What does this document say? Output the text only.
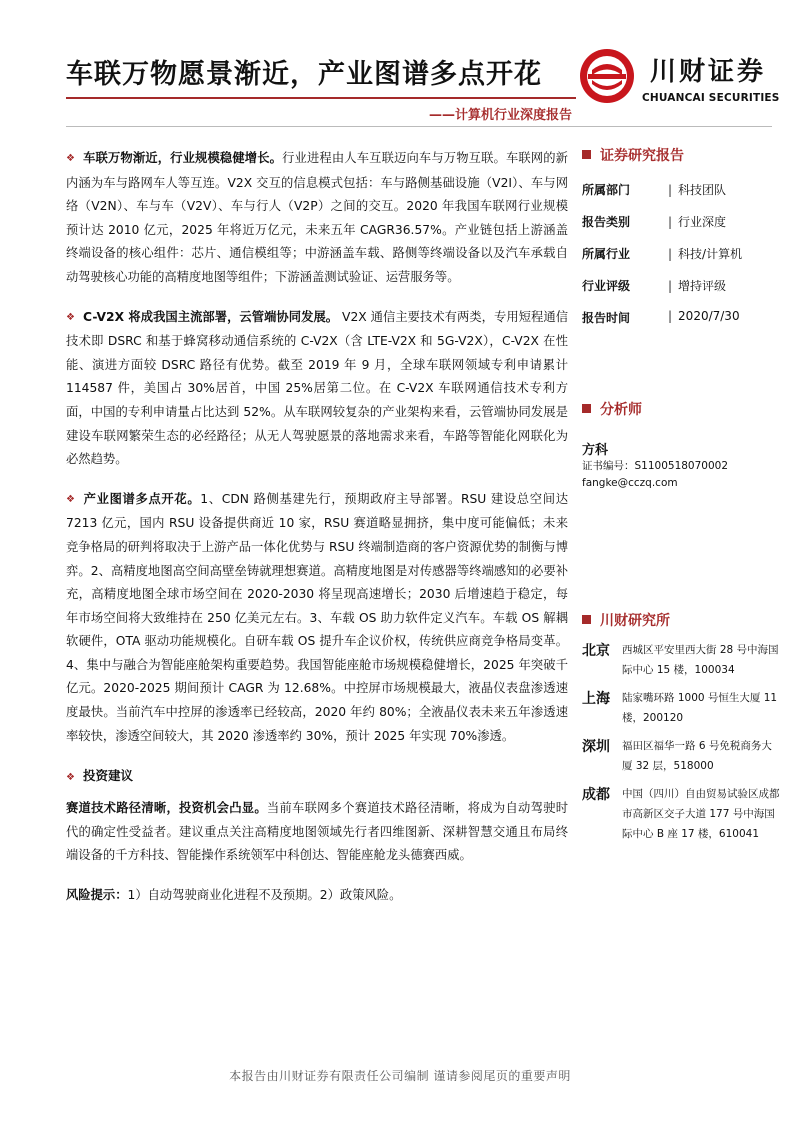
车联万物愿景渐近，产业图谱多点开花	川财证券
CHUANCAI SECURITIES
——计算机行业深度报告

❖ 车联万物渐近，行业规模稳健增长。行业进程由人车互联迈向车与万物互联。车联网的新内涵为车与路网车人等互连。V2X 交互的信息模式包括：车与路侧基础设施（V2I）、车与网络（V2N）、车与车（V2V）、车与行人（V2P）之间的交互。2020 年我国车联网行业规模预计达 2010 亿元，2025 年将近万亿元，未来五年 CAGR36.57%。产业链包括上游涵盖终端设备的核心组件：芯片、通信模组等；中游涵盖车载、路侧等终端设备以及汽车承载自动驾驶核心功能的高精度地图等组件；下游涵盖测试验证、运营服务等。

❖ C-V2X 将成我国主流部署，云管端协同发展。 V2X 通信主要技术有两类，专用短程通信技术即 DSRC 和基于蜂窝移动通信系统的 C-V2X（含 LTE-V2X 和 5G-V2X），C-V2X 在性能、演进方面较 DSRC 路径有优势。截至 2019 年 9 月，全球车联网领域专利申请累计 114587 件，美国占 30%居首，中国 25%居第二位。在 C-V2X 车联网通信技术专利方面，中国的专利申请量占比达到 52%。从车联网较复杂的产业架构来看，云管端协同发展是建设车联网繁荣生态的必经路径；从无人驾驶愿景的落地需求来看，车路等智能化网联化为必然趋势。

❖ 产业图谱多点开花。1、CDN 路侧基建先行，预期政府主导部署。RSU 建设总空间达 7213 亿元，国内 RSU 设备提供商近 10 家，RSU 赛道略显拥挤，集中度可能偏低；未来竞争格局的研判将取决于上游产品一体化优势与 RSU 终端制造商的客户资源优势的制衡与博弈。2、高精度地图高空间高壁垒铸就理想赛道。高精度地图是对传感器等终端感知的必要补充，高精度地图全球市场空间在 2020-2030 将呈现高速增长；2030 后增速趋于稳定，每年市场空间将大致维持在 250 亿美元左右。3、车载 OS 助力软件定义汽车。车载 OS 解耦软硬件，OTA 驱动功能规模化。自研车载 OS 提升车企议价权，传统供应商竞争格局变革。4、集中与融合为智能座舱架构重要趋势。我国智能座舱市场规模稳健增长，2025 年突破千亿元。2020-2025 期间预计 CAGR 为 12.68%。中控屏市场规模最大，液晶仪表盘渗透速度最快。当前汽车中控屏的渗透率已经较高，2020 年约 80%；全液晶仪表未来五年渗透速率较快，渗透空间较大，其 2020 渗透率约 30%，预计 2025 年实现 70%渗透。

❖ 投资建议

赛道技术路径清晰，投资机会凸显。当前车联网多个赛道技术路径清晰，将成为自动驾驶时代的确定性受益者。建议重点关注高精度地图领域先行者四维图新、深耕智慧交通且布局终端设备的千方科技、智能操作系统领军中科创达、智能座舱龙头德赛西威。

风险提示：1）自动驾驶商业化进程不及预期。2）政策风险。

证券研究报告
所属部门	| 科技团队
报告类别	| 行业深度
所属行业	| 科技/计算机
行业评级	| 增持评级
报告时间	| 2020/7/30
分析师
方科
证书编号：S1100518070002
fangke@cczq.com
川财研究所
北京 西城区平安里西大街 28 号中海国际中心 15 楼，100034
上海 陆家嘴环路 1000 号恒生大厦 11 楼，200120
深圳 福田区福华一路 6 号免税商务大厦 32 层，518000
成都 中国（四川）自由贸易试验区成都市高新区交子大道 177 号中海国际中心 B 座 17 楼，610041
本报告由川财证券有限责任公司编制 谨请参阅尾页的重要声明
